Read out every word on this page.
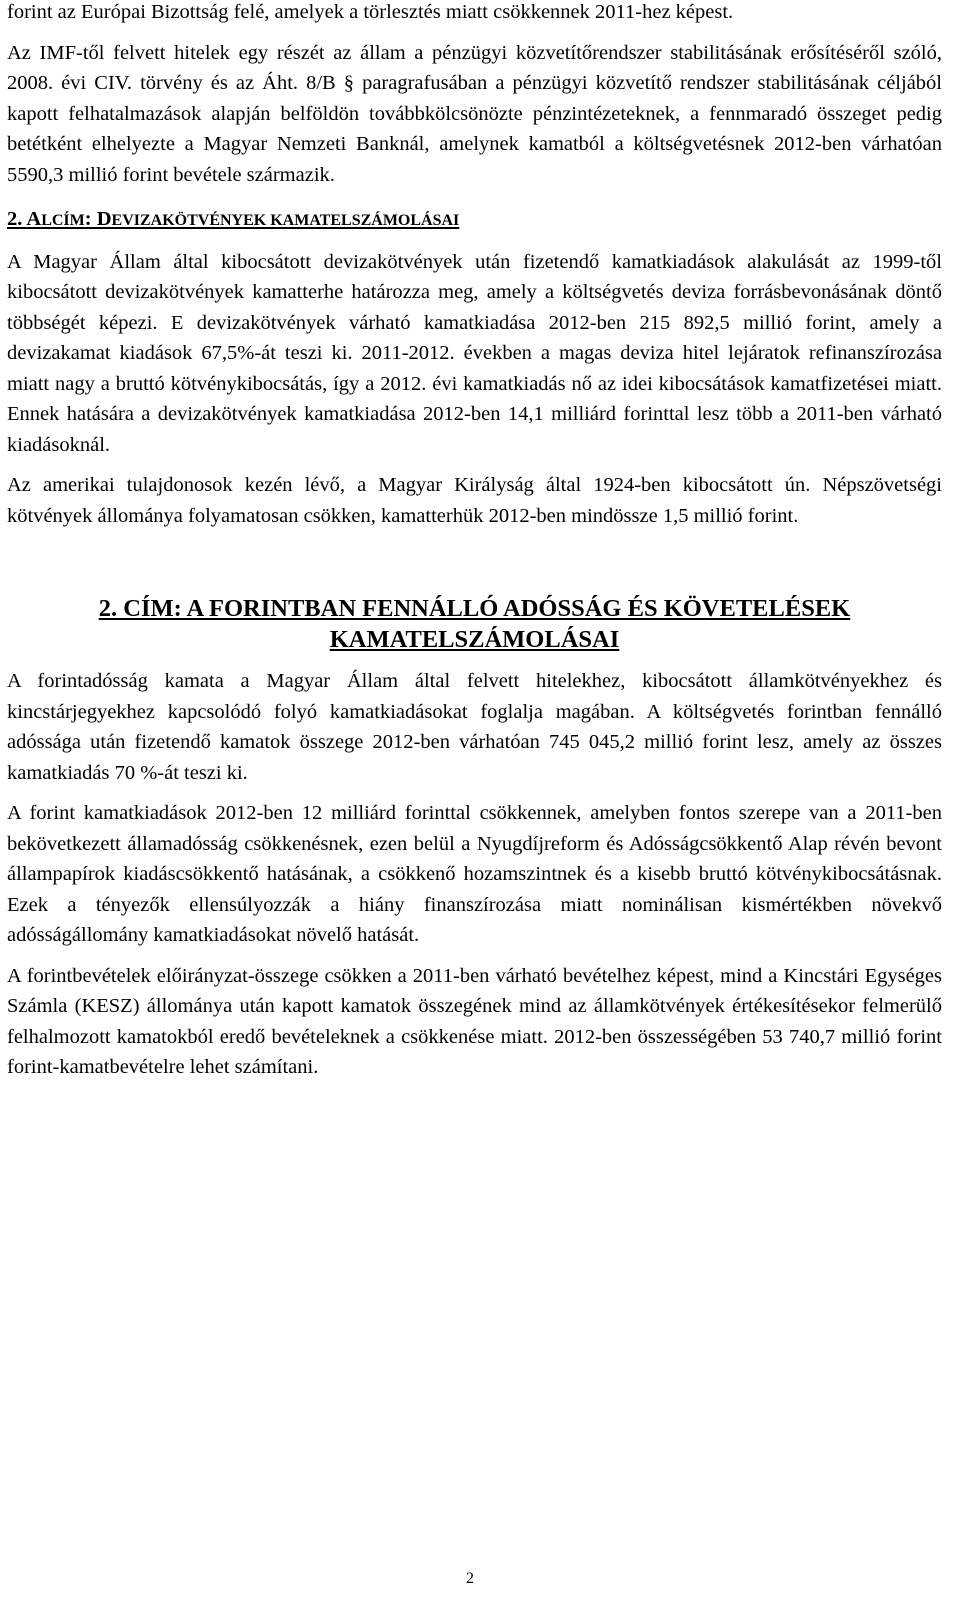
forint az Európai Bizottság felé, amelyek a törlesztés miatt csökkennek 2011-hez képest.

Az IMF-től felvett hitelek egy részét az állam a pénzügyi közvetítőrendszer stabilitásának erősítéséről szóló, 2008. évi CIV. törvény és az Áht. 8/B § paragrafusában a pénzügyi közvetítő rendszer stabilitásának céljából kapott felhatalmazások alapján belföldön továbbkölcsönözte pénzintézeteknek, a fennmaradó összeget pedig betétként elhelyezte a Magyar Nemzeti Banknál, amelynek kamatból a költségvetésnek 2012-ben várhatóan 5590,3 millió forint bevétele származik.

2. ALCÍM: DEVIZAKÖTVÉNYEK KAMATELSZÁMOLÁSAI

A Magyar Állam által kibocsátott devizakötvények után fizetendő kamatkiadások alakulását az 1999-től kibocsátott devizakötvények kamatterhe határozza meg, amely a költségvetés deviza forrásbevonásának döntő többségét képezi. E devizakötvények várható kamatkiadása 2012-ben 215 892,5 millió forint, amely a devizakamat kiadások 67,5%-át teszi ki. 2011-2012. években a magas deviza hitel lejáratok refinanszírozása miatt nagy a bruttó kötvénykibocsátás, így a 2012. évi kamatkiadás nő az idei kibocsátások kamatfizetései miatt. Ennek hatására a devizakötvények kamatkiadása 2012-ben 14,1 milliárd forinttal lesz több a 2011-ben várható kiadásoknál.

Az amerikai tulajdonosok kezén lévő, a Magyar Királyság által 1924-ben kibocsátott ún. Népszövetségi kötvények állománya folyamatosan csökken, kamatterhük 2012-ben mindössze 1,5 millió forint.

2. CÍM: A FORINTBAN FENNÁLLÓ ADÓSSÁG ÉS KÖVETELÉSEK
KAMATELSZÁMOLÁSAI

A forintadósság kamata a Magyar Állam által felvett hitelekhez, kibocsátott államkötvényekhez és kincstárjegyekhez kapcsolódó folyó kamatkiadásokat foglalja magában. A költségvetés forintban fennálló adóssága után fizetendő kamatok összege 2012-ben várhatóan 745 045,2 millió forint lesz, amely az összes kamatkiadás 70 %-át teszi ki.

A forint kamatkiadások 2012-ben 12 milliárd forinttal csökkennek, amelyben fontos szerepe van a 2011-ben bekövetkezett államadósság csökkenésnek, ezen belül a Nyugdíjreform és Adósságcsökkentő Alap révén bevont állampapírok kiadáscsökkentő hatásának, a csökkenő hozamszintnek és a kisebb bruttó kötvénykibocsátásnak. Ezek a tényezők ellensúlyozzák a hiány finanszírozása miatt nominálisan kismértékben növekvő adósságállomány kamatkiadásokat növelő hatását.

A forintbevételek előirányzat-összege csökken a 2011-ben várható bevételhez képest, mind a Kincstári Egységes Számla (KESZ) állománya után kapott kamatok összegének mind az államkötvények értékesítésekor felmerülő felhalmozott kamatokból eredő bevételeknek a csökkenése miatt. 2012-ben összességében 53 740,7 millió forint forint-kamatbevételre lehet számítani.

2
